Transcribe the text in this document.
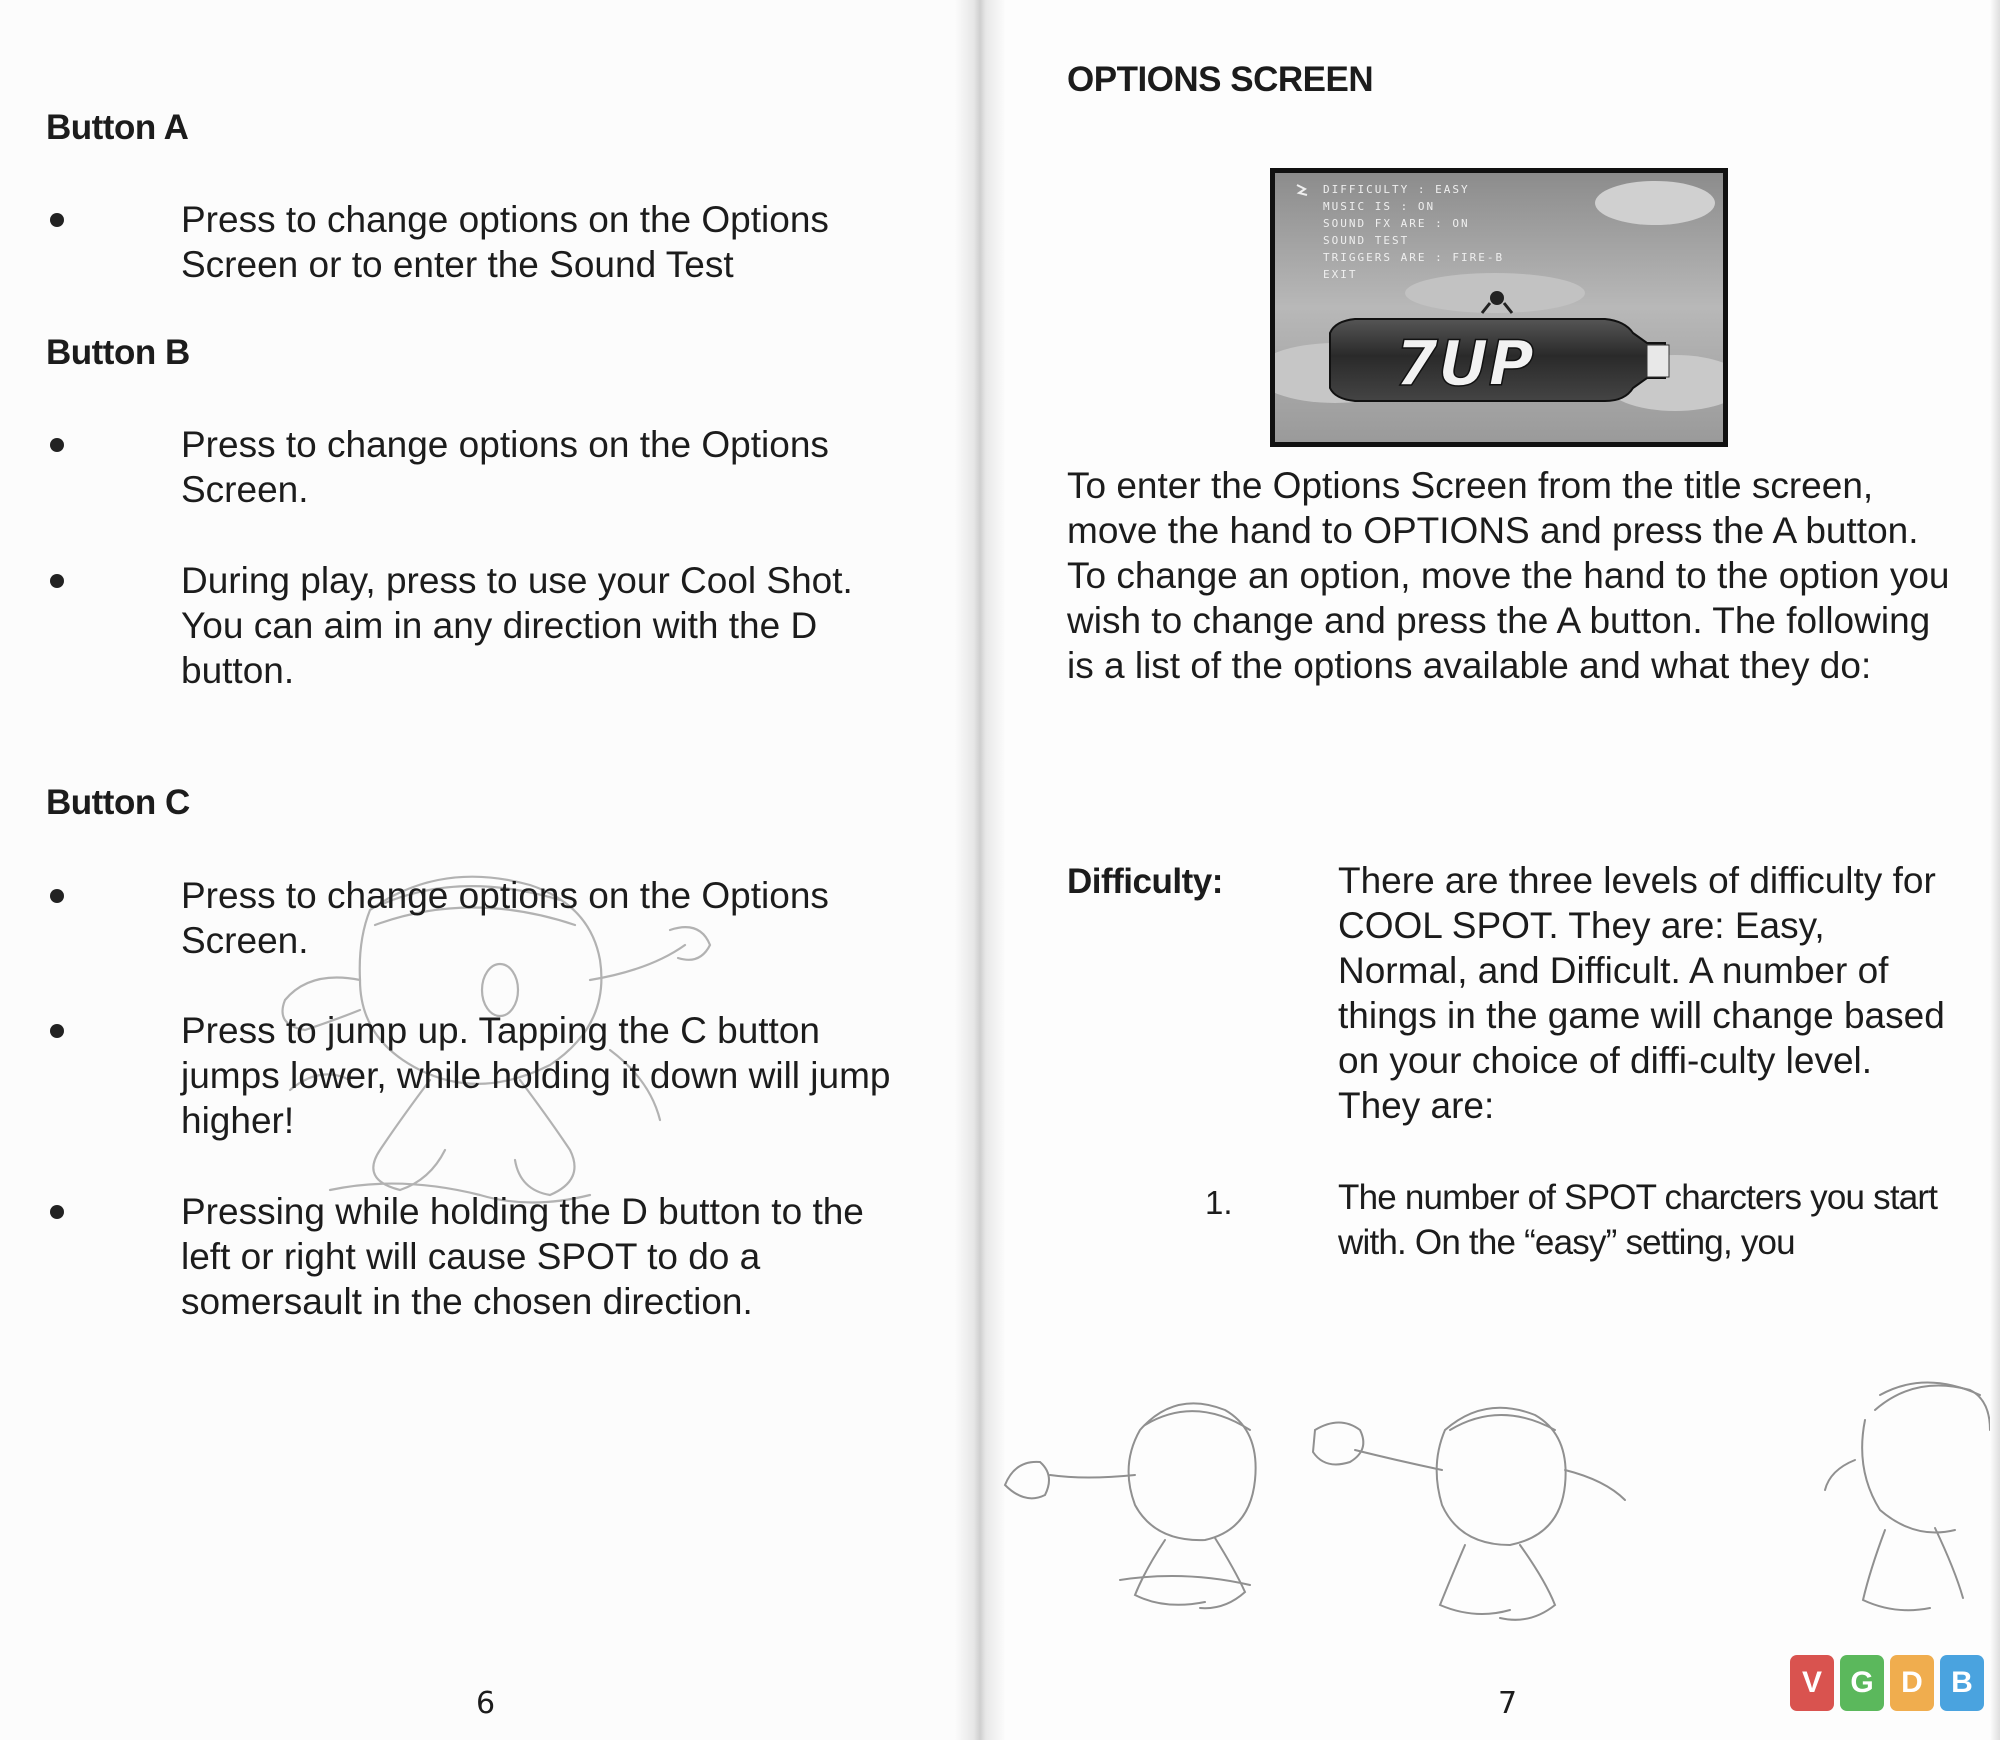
Button A
Press to change options on the Options Screen or to enter the Sound Test
Button B
Press to change options on the Options Screen.
During play, press to use your Cool Shot. You can aim in any direction with the D button.
Button C
Press to change options on the Options Screen.
Press to jump up. Tapping the C button jumps lower, while holding it down will jump higher!
Pressing while holding the D button to the left or right will cause SPOT to do a somersault in the chosen direction.
6
OPTIONS SCREEN
DIFFICULTY : EASY
MUSIC IS : ON
SOUND FX ARE : ON
SOUND TEST
TRIGGERS ARE : FIRE-B
EXIT
7UP
To enter the Options Screen from the title screen, move the hand to OPTIONS and press the A button. To change an option, move the hand to the option you wish to change and press the A button. The following is a list of the options available and what they do:
Difficulty:	There are three levels of difficulty for COOL SPOT. They are: Easy, Normal, and Difficult. A number of things in the game will change based on your choice of diffi-culty level. They are:
1.	The number of SPOT charcters you start with. On the “easy” setting, you
7
V G D B
